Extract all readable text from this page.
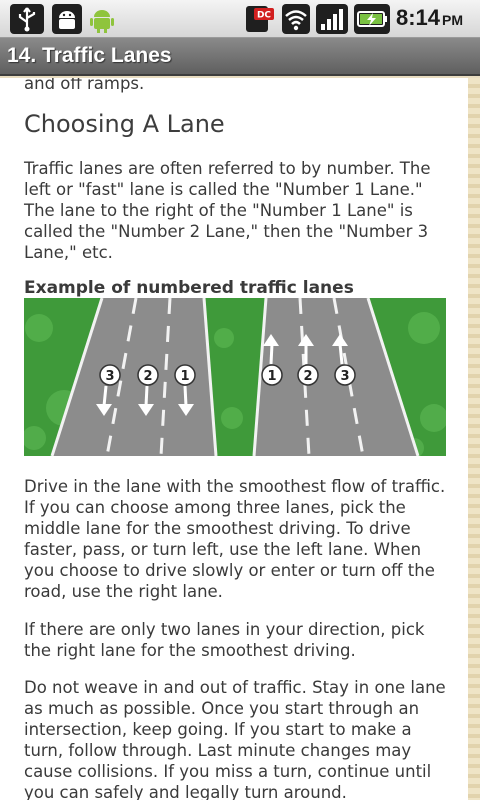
DC	8:14 PM
14. Traffic Lanes
and off ramps.
Choosing A Lane
Traffic lanes are often referred to by number. The left or "fast" lane is called the "Number 1 Lane." The lane to the right of the "Number 1 Lane" is called the "Number 2 Lane," then the "Number 3 Lane," etc.
Example of numbered traffic lanes
3 2 1	1 2 3
Drive in the lane with the smoothest flow of traffic. If you can choose among three lanes, pick the middle lane for the smoothest driving. To drive faster, pass, or turn left, use the left lane. When you choose to drive slowly or enter or turn off the road, use the right lane.
If there are only two lanes in your direction, pick the right lane for the smoothest driving.
Do not weave in and out of traffic. Stay in one lane as much as possible. Once you start through an intersection, keep going. If you start to make a turn, follow through. Last minute changes may cause collisions. If you miss a turn, continue until you can safely and legally turn around.
